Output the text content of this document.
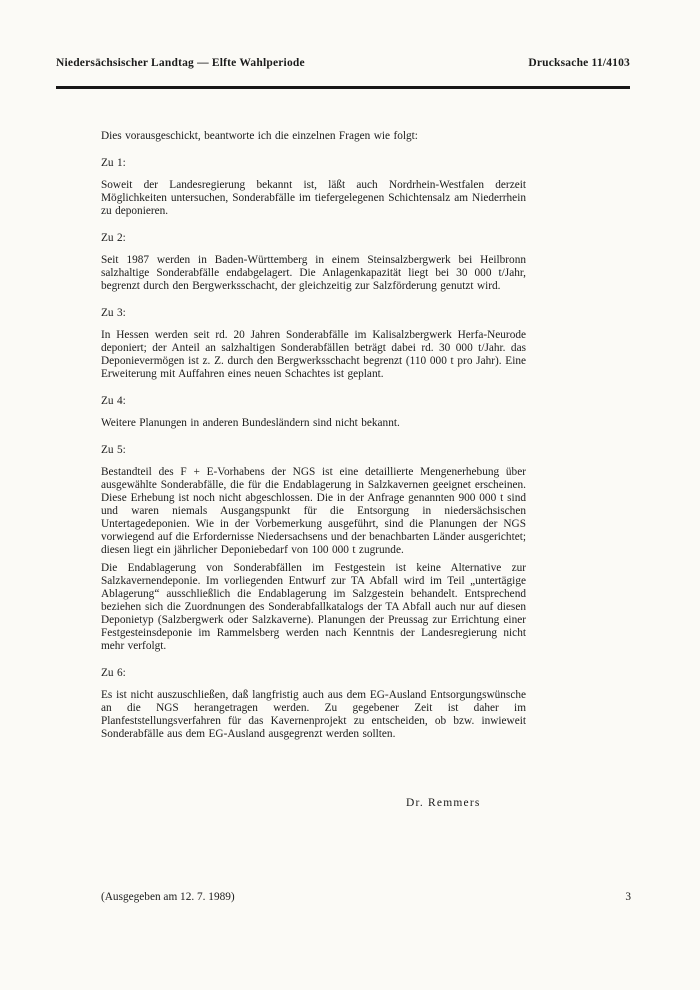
Niedersächsischer Landtag — Elfte Wahlperiode	Drucksache 11/4103

Dies vorausgeschickt, beantworte ich die einzelnen Fragen wie folgt:

Zu 1:

Soweit der Landesregierung bekannt ist, läßt auch Nordrhein-Westfalen derzeit Möglichkeiten untersuchen, Sonderabfälle im tiefergelegenen Schichtensalz am Niederrhein zu deponieren.

Zu 2:

Seit 1987 werden in Baden-Württemberg in einem Steinsalzbergwerk bei Heilbronn salzhaltige Sonderabfälle endabgelagert. Die Anlagenkapazität liegt bei 30 000 t/Jahr, begrenzt durch den Bergwerksschacht, der gleichzeitig zur Salzförderung genutzt wird.

Zu 3:

In Hessen werden seit rd. 20 Jahren Sonderabfälle im Kalisalzbergwerk Herfa-Neurode deponiert; der Anteil an salzhaltigen Sonderabfällen beträgt dabei rd. 30 000 t/Jahr. das Deponievermögen ist z. Z. durch den Bergwerksschacht begrenzt (110 000 t pro Jahr). Eine Erweiterung mit Auffahren eines neuen Schachtes ist geplant.

Zu 4:

Weitere Planungen in anderen Bundesländern sind nicht bekannt.

Zu 5:

Bestandteil des F + E-Vorhabens der NGS ist eine detaillierte Mengenerhebung über ausgewählte Sonderabfälle, die für die Endablagerung in Salzkavernen geeignet erscheinen. Diese Erhebung ist noch nicht abgeschlossen. Die in der Anfrage genannten 900 000 t sind und waren niemals Ausgangspunkt für die Entsorgung in niedersächsischen Untertagedeponien. Wie in der Vorbemerkung ausgeführt, sind die Planungen der NGS vorwiegend auf die Erfordernisse Niedersachsens und der benachbarten Länder ausgerichtet; diesen liegt ein jährlicher Deponiebedarf von 100 000 t zugrunde.

Die Endablagerung von Sonderabfällen im Festgestein ist keine Alternative zur Salzkavernendeponie. Im vorliegenden Entwurf zur TA Abfall wird im Teil „untertägige Ablagerung“ ausschließlich die Endablagerung im Salzgestein behandelt. Entsprechend beziehen sich die Zuordnungen des Sonderabfallkatalogs der TA Abfall auch nur auf diesen Deponietyp (Salzbergwerk oder Salzkaverne). Planungen der Preussag zur Errichtung einer Festgesteinsdeponie im Rammelsberg werden nach Kenntnis der Landesregierung nicht mehr verfolgt.

Zu 6:

Es ist nicht auszuschließen, daß langfristig auch aus dem EG-Ausland Entsorgungswünsche an die NGS herangetragen werden. Zu gegebener Zeit ist daher im Planfeststellungsverfahren für das Kavernenprojekt zu entscheiden, ob bzw. inwieweit Sonderabfälle aus dem EG-Ausland ausgegrenzt werden sollten.

Dr. Remmers
(Ausgegeben am 12. 7. 1989)	3
